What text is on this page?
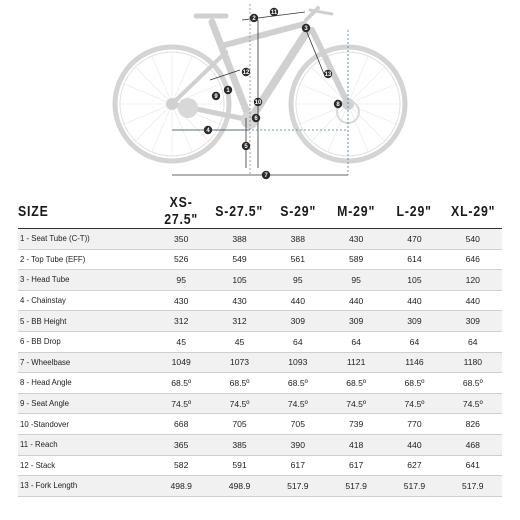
1
2
3
4
5
6
7
8
9
10
11
12	13
SIZE	XS-27.5"	S-27.5"	S-29"	M-29"	L-29"	XL-29"
1 - Seat Tube (C-T))	350	388	388	430	470	540
2 - Top Tube (EFF)	526	549	561	589	614	646
3 - Head Tube	95	105	95	95	105	120
4 - Chainstay	430	430	440	440	440	440
5 - BB Height	312	312	309	309	309	309
6 - BB Drop	45	45	64	64	64	64
7 - Wheelbase	1049	1073	1093	1121	1146	1180
8 - Head Angle	68.5º	68.5º	68.5º	68.5º	68.5º	68.5º
9 - Seat Angle	74.5º	74.5º	74.5º	74.5º	74.5º	74.5º
10 -Standover	668	705	705	739	770	826
11 - Reach	365	385	390	418	440	468
12 - Stack	582	591	617	617	627	641
13 - Fork Length	498.9	498.9	517.9	517.9	517.9	517.9
